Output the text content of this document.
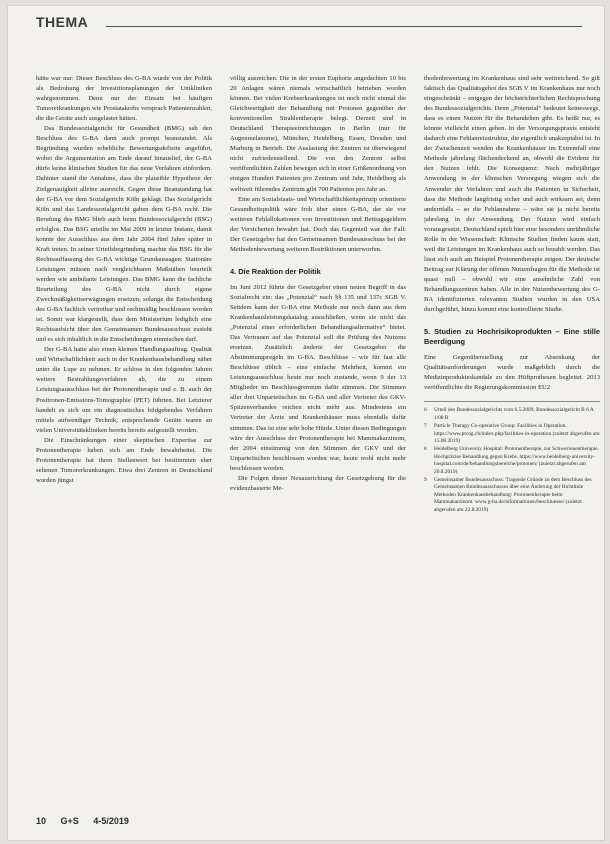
THEMA

hätte war nur: Dieser Beschluss des G-BA wurde von der Politik als Bedrohung der Investitionsplanungen der Unikliniken wahrgenommen. Denn nur der Einsatz bei häufigen Tumorerkrankungen wie Prostatakrebs versprach Patientenzahlen, die die Geräte auch ausgelastet hätten.

Das Bundessozialgericht für Gesundheit (BMG) sah den Beschluss des G-BA dann auch prompt beanstandet. Als Begründung wurden erhebliche Bewertungsdefizite angeführt, wobei die Argumentation am Ende darauf hinauslief, der G-BA dürfe keine klinischen Studien für das neue Verfahren einfordern. Dahinter stand die Annahme, dass die plausible Hypothese der Zielgenauigkeit alleine ausreicht. Gegen diese Beanstandung hat der G-BA vor dem Sozialgericht Köln geklagt. Das Sozialgericht Köln und das Landessozialgericht gaben dem G-BA recht. Die Berufung des BMG blieb auch beim Bundessozialgericht (BSG) erfolglos. Das BSG urteilte im Mai 2009 in letzter Instanz, damit konnte der Ausschluss aus dem Jahr 2004 fünf Jahre später in Kraft treten. In seiner Urteilsbegründung machte das BSG für die Rechtsauffassung des G-BA wichtige Grundaussagen: Stationäre Leistungen müssen nach vergleichbaren Maßstäben beurteilt werden wie ambulante Leistungen. Das BMG kann die fachliche Beurteilung des G-BA nicht durch eigene Zweckmäßigkeitserwägungen ersetzen, solange die Entscheidung des G-BA fachlich vertretbar und rechtmäßig beschlossen worden ist. Somit war klargestellt, dass dem Ministerium lediglich eine Rechtsaufsicht über den Gemeinsamen Bundesausschuss zusteht und es sich inhaltlich in die Entscheidungen einmischen darf.

Der G-BA hatte also einen kleinen Handlungsauftrag. Qualität und Wirtschaftlichkeit auch in der Krankenhausbehandlung näher unter die Lupe zu nehmen. Er schloss in den folgenden Jahren weitere Bestrahlungsverfahren ab, die zu einem Leistungsausschluss bei der Protonentherapie und z. B. auch der Positronen-Emissions-Tomographie (PET) führten. Bei Letzterer handelt es sich um ein diagnostisches bildgebendes Verfahren mittels aufwendiger Technik, entsprechende Geräte waren an vielen Universitätskliniken bereits bereits aufgestellt worden.

Die Einschränkungen einer skeptischen Expertise zur Protonentherapie haben sich am Ende bewahrheitet. Die Protonentherapie hat ihren Stellenwert bei bestimmten eher seltenen Tumorerkrankungen. Etwa drei Zentren in Deutschland wurden jüngst

völlig ausreichen. Die in der ersten Euphorie angedachten 10 bis 20 Anlagen wären niemals wirtschaftlich betrieben worden können. Bei vielen Krebserkrankungen ist noch nicht einmal die Gleichwertigkeit der Behandlung mit Protonen gegenüber der konventionellen Strahlentherapie belegt. Derzeit sind in Deutschland Therapieeinrichtungen in Berlin (nur für Augenmelanome), München, Heidelberg, Essen, Dresden und Marburg in Betrieb. Die Auslastung der Zentren ist überwiegend nicht zufriedenstellend. Die von den Zentren selbst veröffentlichten Zahlen bewegen sich in einer Größenordnung von einigen Hundert Patienten pro Zentrum und Jahr, Heidelberg als weltweit führendes Zentrum gibt 700 Patienten pro Jahr an.

Eine am Sozialstaats- und Wirtschaftlichkeitsprinzip orientierte Gesundheitspolitik wäre froh über einen G-BA, der sie vor weiteren Fehlallokationen von Investitionen und Beitragsgeldern der Versicherten bewahrt hat. Doch das Gegenteil war der Fall: Der Gesetzgeber hat den Gemeinsamen Bundesausschuss bei der Methodenbewertung weiteren Restriktionen unterworfen.

4. Die Reaktion der Politik

Im Juni 2012 führte der Gesetzgeber einen neuen Begriff in das Sozialrecht ein: das „Potenzial“ nach §§ 135 und 137c SGB V. Seitdem kann der G-BA eine Methode nur noch dann aus dem Krankenhausleistungskatalog ausschließen, wenn sie nicht das „Potenzial einer erforderlichen Behandlungsalternative“ bietet. Das Vertrauen auf das Potenzial soll die Prüfung des Nutzens ersetzen. Zusätzlich änderte der Gesetzgeber die Abstimmungsregeln im G-BA. Beschlüsse – wie für fast alle Beschlüsse üblich – eine einfache Mehrheit, kommt ein Leistungsausschluss heute nur noch zustande, wenn 9 der 13 Mitglieder im Beschlussgremium dafür stimmen. Die Stimmen aller drei Unparteiischen im G-BA und aller Vertreter des GKV-Spitzenverbandes reichen nicht mehr aus. Mindestens ein Vertreter der Ärzte und Krankenhäuser muss ebenfalls dafür stimmen. Das ist eine sehr hohe Hürde. Unter diesen Bedingungen wäre der Ausschluss der Protonentherapie bei Mammakarzinom, der 2004 einstimmig von den Stimmen der GKV und der Unparteiischen beschlossen worden war, heute wohl nicht mehr beschlossen worden.

Die Folgen dieser Neuausrichtung der Gesetzgebung für die evidenzbasierte Me-

thodenbewertung im Krankenhaus sind sehr weitreichend. So gilt faktisch das Qualitätsgebot des SGB V im Krankenhaus nur noch eingeschränkt – entgegen der höchstrichterlichen Rechtsprechung des Bundessozialgerichts. Denn „Potenzial“ bedeutet keineswegs, dass es einen Nutzen für die Behandelten gibt. Es heißt nur, es könnte vielleicht einen geben. In der Versorgungspraxis entsteht dadurch eine Fehlanreizstruktur, die eigentlich unakzeptabel ist. In der Zwischenzeit wenden die Krankenhäuser im Extremfall eine Methode jahrelang flächendeckend an, obwohl die Evidenz für den Nutzen fehlt. Die Konsequenz: Nach mehrjähriger Anwendung in der klinischen Versorgung wiegen sich die Anwender der Verfahren und auch die Patienten in Sicherheit, dass die Methode langfristig sicher und auch wirksam sei, denn andernfalls – so die Fehlannahme – wäre sie ja nicht bereits jahrelang in der Anwendung. Der Nutzen wird einfach vorausgesetzt. Deutschland spielt hier eine besonders unrühmliche Rolle in der Wissenschaft: Klinische Studien finden kaum statt, weil die Leistungen im Krankenhaus auch so bezahlt werden. Das lässt sich auch am Beispiel Protonentherapie zeigen: Der deutsche Beitrag zur Klärung der offenen Nutzenfragen für die Methode ist quasi null – obwohl wir eine ansehnliche Zahl von Behandlungszentren haben. Alle in der Nutzenbewertung des G-BA identifizierten relevanten Studien wurden in den USA durchgeführt, hinzu kommt eine kontrollierte Studie.

5. Studien zu Hochrisikoprodukten – Eine stille Beerdigung

Eine Gegenüberstellung zur Absenkung der Qualitätsanforderungen wurde maßgeblich durch die Medizinprodukteskandale zu den Hüftprothesen begleitet. 2013 veröffentlichte die Regierungskommission EU2

6	Urteil des Bundessozialgerichts vom 6.5.2009, Bundessozialgericht B 6 A 1/08 R
7	Particle Therapy Co-operative Group: Facilities in Operation. https://www.ptcog.ch/index.php/facilities-in-operation (zuletzt abgerufen am 15.08.2019)
8	Heidelberg University Hospital: Protonentherapie, zur Schwerionentherapie. Hochpräzise Behandlung gegen Krebs. https://www.heidelberg-university-hospital.com/de/behandlungsbereiche/protonen/ (zuletzt abgerufen am 20.8.2019)
9	Gemeinsamer Bundesausschuss: Tragende Gründe zu dem Beschluss des Gemeinsamen Bundesausschusses über eine Änderung der Richtlinie Methoden Krankenhausbehandlung: Protonentherapie beim Mammakarzinom. www.g-ba.de/informationen/beschluesse/ (zuletzt abgerufen am 22.8.2019)
10 G+S 4-5/2019
